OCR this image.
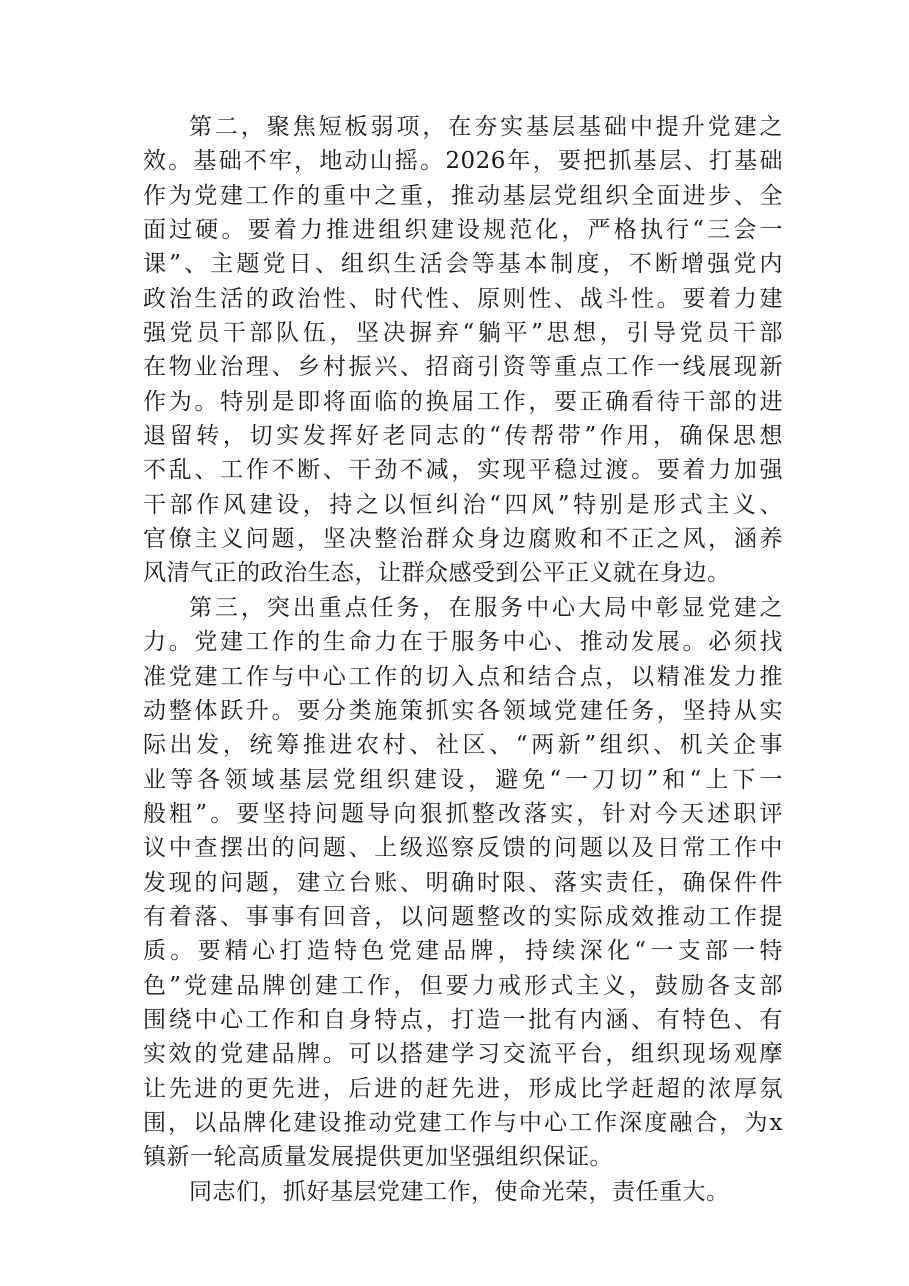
第二，聚焦短板弱项，在夯实基层基础中提升党建之
效。基础不牢，地动山摇。2026年，要把抓基层、打基础
作为党建工作的重中之重，推动基层党组织全面进步、全
面过硬。要着力推进组织建设规范化，严格执行“三会一
课”、主题党日、组织生活会等基本制度，不断增强党内
政治生活的政治性、时代性、原则性、战斗性。要着力建
强党员干部队伍，坚决摒弃“躺平”思想，引导党员干部
在物业治理、乡村振兴、招商引资等重点工作一线展现新
作为。特别是即将面临的换届工作，要正确看待干部的进
退留转，切实发挥好老同志的“传帮带”作用，确保思想
不乱、工作不断、干劲不减，实现平稳过渡。要着力加强
干部作风建设，持之以恒纠治“四风”特别是形式主义、
官僚主义问题，坚决整治群众身边腐败和不正之风，涵养
风清气正的政治生态，让群众感受到公平正义就在身边。
第三，突出重点任务，在服务中心大局中彰显党建之
力。党建工作的生命力在于服务中心、推动发展。必须找
准党建工作与中心工作的切入点和结合点，以精准发力推
动整体跃升。要分类施策抓实各领域党建任务，坚持从实
际出发，统筹推进农村、社区、“两新”组织、机关企事
业等各领域基层党组织建设，避免“一刀切”和“上下一
般粗”。要坚持问题导向狠抓整改落实，针对今天述职评
议中查摆出的问题、上级巡察反馈的问题以及日常工作中
发现的问题，建立台账、明确时限、落实责任，确保件件
有着落、事事有回音，以问题整改的实际成效推动工作提
质。要精心打造特色党建品牌，持续深化“一支部一特
色”党建品牌创建工作，但要力戒形式主义，鼓励各支部
围绕中心工作和自身特点，打造一批有内涵、有特色、有
实效的党建品牌。可以搭建学习交流平台，组织现场观摩
让先进的更先进，后进的赶先进，形成比学赶超的浓厚氛
围，以品牌化建设推动党建工作与中心工作深度融合，为x
镇新一轮高质量发展提供更加坚强组织保证。
同志们，抓好基层党建工作，使命光荣，责任重大。
